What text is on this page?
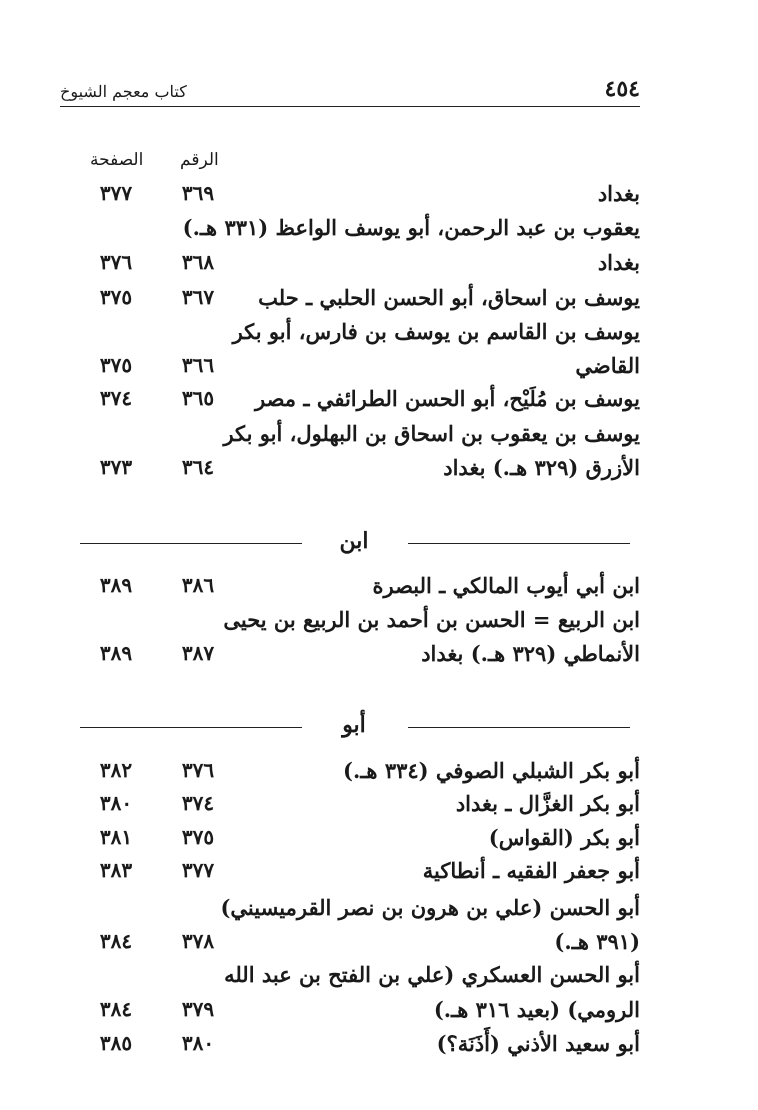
كتاب معجم الشيوخ	٤٥٤
الصفحة الرقم
بغداد
٣٦٩
٣٧٧
يعقوب بن عبد الرحمن، أبو يوسف الواعظ (٣٣١ هـ.)
بغداد
٣٦٨
٣٧٦
يوسف بن اسحاق، أبو الحسن الحلبي ـ حلب
٣٦٧
٣٧٥
يوسف بن القاسم بن يوسف بن فارس، أبو بكر
القاضي
٣٦٦
٣٧٥
يوسف بن مُلَيْح، أبو الحسن الطرائفي ـ مصر
٣٦٥
٣٧٤
يوسف بن يعقوب بن اسحاق بن البهلول، أبو بكر
الأزرق (٣٢٩ هـ.) بغداد
٣٦٤
٣٧٣
ابن
ابن أبي أيوب المالكي ـ البصرة
٣٨٦
٣٨٩
ابن الربيع = الحسن بن أحمد بن الربيع بن يحيى
الأنماطي (٣٢٩ هـ.) بغداد
٣٨٧
٣٨٩
أبو
أبو بكر الشبلي الصوفي (٣٣٤ هـ.)
٣٧٦
٣٨٢
أبو بكر الغزَّال ـ بغداد
٣٧٤
٣٨٠
أبو بكر (القواس)
٣٧٥
٣٨١
أبو جعفر الفقيه ـ أنطاكية
٣٧٧
٣٨٣
أبو الحسن (علي بن هرون بن نصر القرميسيني)
(٣٩١ هـ.)
٣٧٨
٣٨٤
أبو الحسن العسكري (علي بن الفتح بن عبد الله
الرومي) (بعيد ٣١٦ هـ.)
٣٧٩
٣٨٤
أبو سعيد الأذني (أَذَنَة؟)
٣٨٠
٣٨٥
